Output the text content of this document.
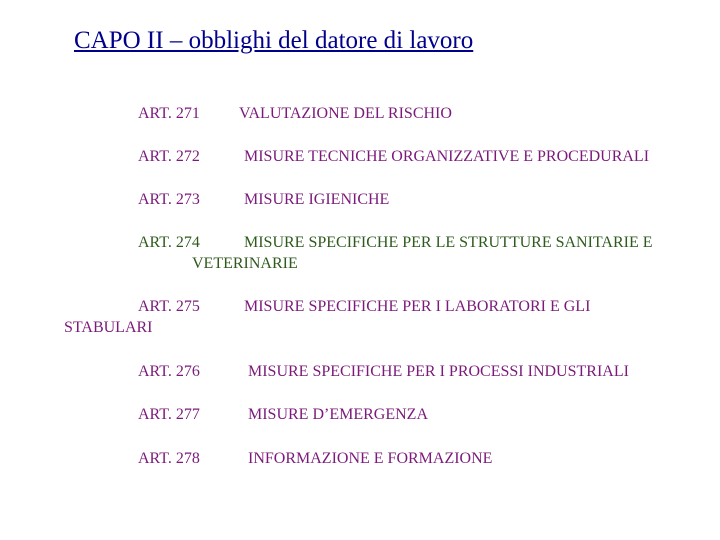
CAPO II – obblighi del datore di lavoro
ART. 271 VALUTAZIONE DEL RISCHIO
ART. 272	MISURE TECNICHE ORGANIZZATIVE E PROCEDURALI
ART. 273	MISURE IGIENICHE
ART. 274	MISURE SPECIFICHE PER LE STRUTTURE SANITARIE E
VETERINARIE
ART. 275	MISURE SPECIFICHE PER I LABORATORI E GLI
STABULARI
ART. 276	MISURE SPECIFICHE PER I PROCESSI INDUSTRIALI
ART. 277	MISURE D’EMERGENZA
ART. 278	INFORMAZIONE E FORMAZIONE
